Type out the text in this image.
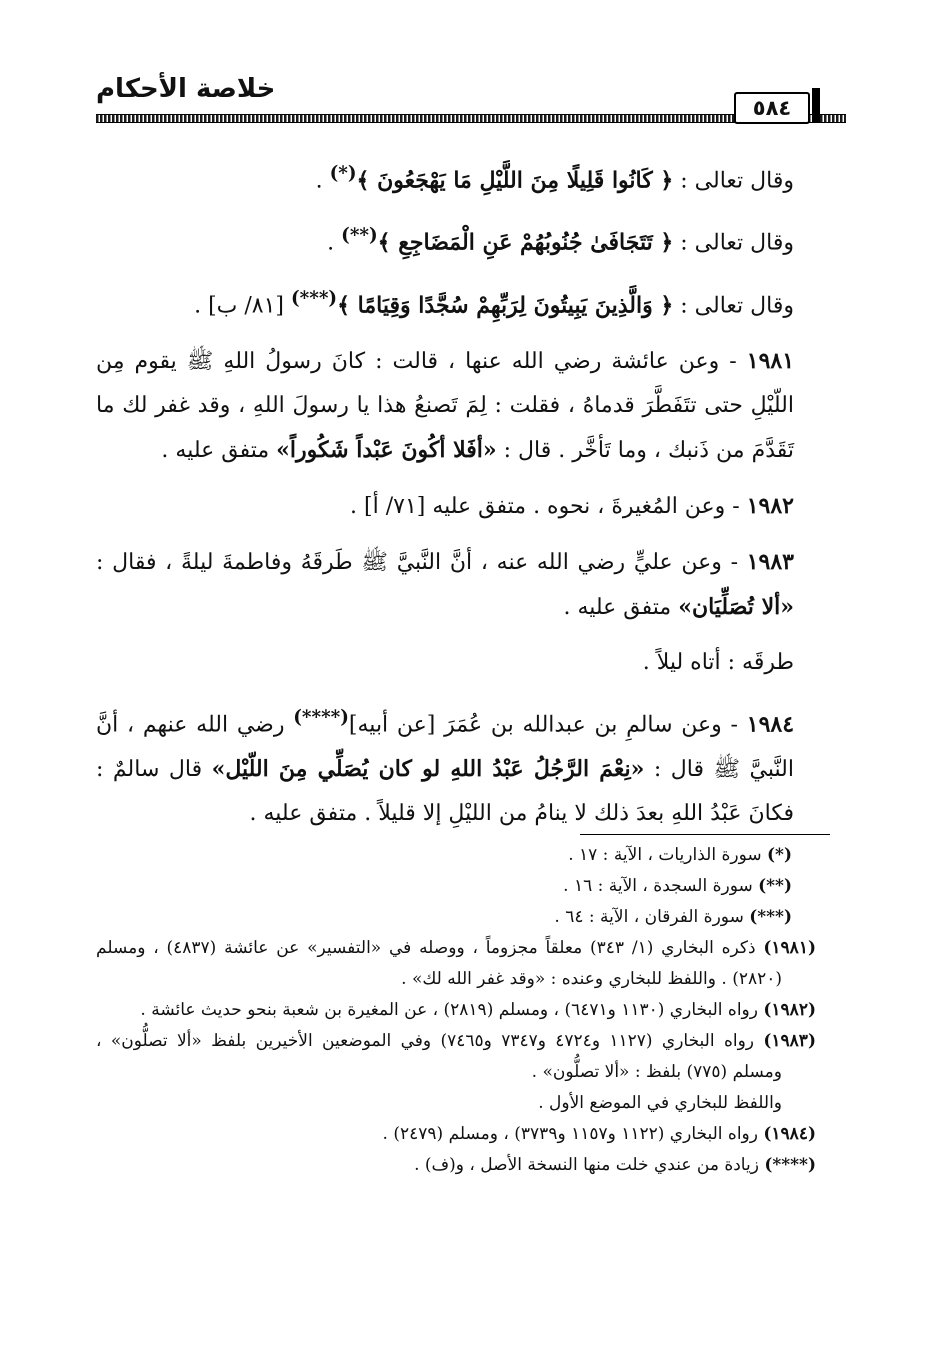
خلاصة الأحكام
٥٨٤

وقال تعالى : ﴿ كَانُوا قَلِيلًا مِنَ اللَّيْلِ مَا يَهْجَعُونَ ﴾(*) .

وقال تعالى : ﴿ تَتَجَافَىٰ جُنُوبُهُمْ عَنِ الْمَضَاجِعِ ﴾(**) .

وقال تعالى : ﴿ وَالَّذِينَ يَبِيتُونَ لِرَبِّهِمْ سُجَّدًا وَقِيَامًا ﴾(***) [٨١/ ب] .

١٩٨١ - وعن عائشة رضي الله عنها ، قالت : كانَ رسولُ اللهِ ﷺ يقوم مِن اللّيْلِ حتى تتَفَطَّرَ قدماهُ ، فقلت : لِمَ تَصنعُ هذا يا رسولَ اللهِ ، وقد غفر لك ما تَقَدَّمَ من ذَنبك ، وما تَأخَّر . قال : «أفَلا أكُونَ عَبْداً شَكُوراً» متفق عليه .

١٩٨٢ - وعن المُغيرةَ ، نحوه . متفق عليه [٧١/ أ] .

١٩٨٣ - وعن عليٍّ رضي الله عنه ، أنَّ النَّبيَّ ﷺ طَرقَهُ وفاطمةَ ليلةً ، فقال : «ألا تُصَلِّيَان» متفق عليه .

طرقَه : أتاه ليلاً .

١٩٨٤ - وعن سالمِ بن عبدالله بن عُمَرَ [عن أبيه](****) رضي الله عنهم ، أنَّ النَّبيَّ ﷺ قال : «نِعْمَ الرَّجُلُ عَبْدُ اللهِ لو كان يُصَلِّي مِنَ اللّيْل» قال سالمٌ : فكانَ عَبْدُ اللهِ بعدَ ذلك لا ينامُ من الليْلِ إلا قليلاً . متفق عليه .

(*) سورة الذاريات ، الآية : ١٧ .

(**) سورة السجدة ، الآية : ١٦ .

(***) سورة الفرقان ، الآية : ٦٤ .

(١٩٨١) ذكره البخاري (١/ ٣٤٣) معلقاً مجزوماً ، ووصله في «التفسير» عن عائشة (٤٨٣٧) ، ومسلم (٢٨٢٠) . واللفظ للبخاري وعنده : «وقد غفر الله لك» .

(١٩٨٢) رواه البخاري (١١٣٠ و٦٤٧١) ، ومسلم (٢٨١٩) ، عن المغيرة بن شعبة بنحو حديث عائشة .

(١٩٨٣) رواه البخاري (١١٢٧ و٤٧٢٤ و٧٣٤٧ و٧٤٦٥) وفي الموضعين الأخيرين بلفظ «ألا تصلُّون» ، ومسلم (٧٧٥) بلفظ : «ألا تصلُّون» .

واللفظ للبخاري في الموضع الأول .

(١٩٨٤) رواه البخاري (١١٢٢ و١١٥٧ و٣٧٣٩) ، ومسلم (٢٤٧٩) .

(****) زيادة من عندي خلت منها النسخة الأصل ، و(ف) .
